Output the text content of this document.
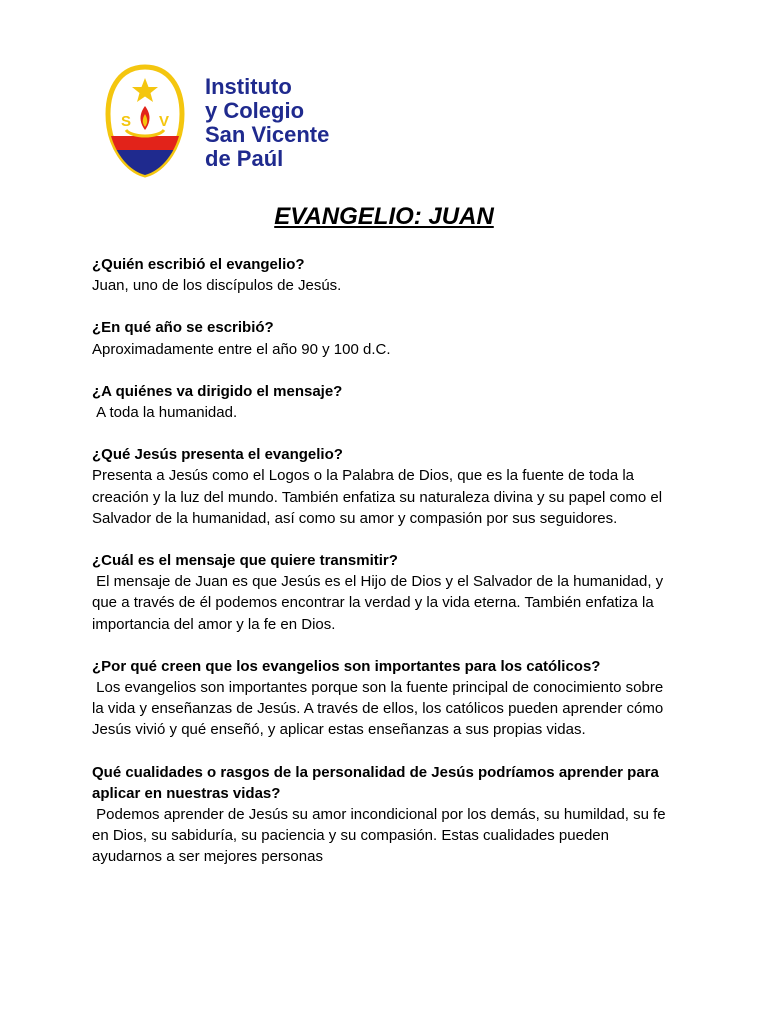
S V
Instituto
y Colegio
San Vicente
de Paúl
EVANGELIO: JUAN
¿Quién escribió el evangelio?
Juan, uno de los discípulos de Jesús.
¿En qué año se escribió?
Aproximadamente entre el año 90 y 100 d.C.
¿A quiénes va dirigido el mensaje?
A toda la humanidad.
¿Qué Jesús presenta el evangelio?
Presenta a Jesús como el Logos o la Palabra de Dios, que es la fuente de toda la creación y la luz del mundo. También enfatiza su naturaleza divina y su papel como el Salvador de la humanidad, así como su amor y compasión por sus seguidores.
¿Cuál es el mensaje que quiere transmitir?
El mensaje de Juan es que Jesús es el Hijo de Dios y el Salvador de la humanidad, y que a través de él podemos encontrar la verdad y la vida eterna. También enfatiza la importancia del amor y la fe en Dios.
¿Por qué creen que los evangelios son importantes para los católicos?
Los evangelios son importantes porque son la fuente principal de conocimiento sobre la vida y enseñanzas de Jesús. A través de ellos, los católicos pueden aprender cómo Jesús vivió y qué enseñó, y aplicar estas enseñanzas a sus propias vidas.
Qué cualidades o rasgos de la personalidad de Jesús podríamos aprender para aplicar en nuestras vidas?
Podemos aprender de Jesús su amor incondicional por los demás, su humildad, su fe en Dios, su sabiduría, su paciencia y su compasión. Estas cualidades pueden ayudarnos a ser mejores personas
